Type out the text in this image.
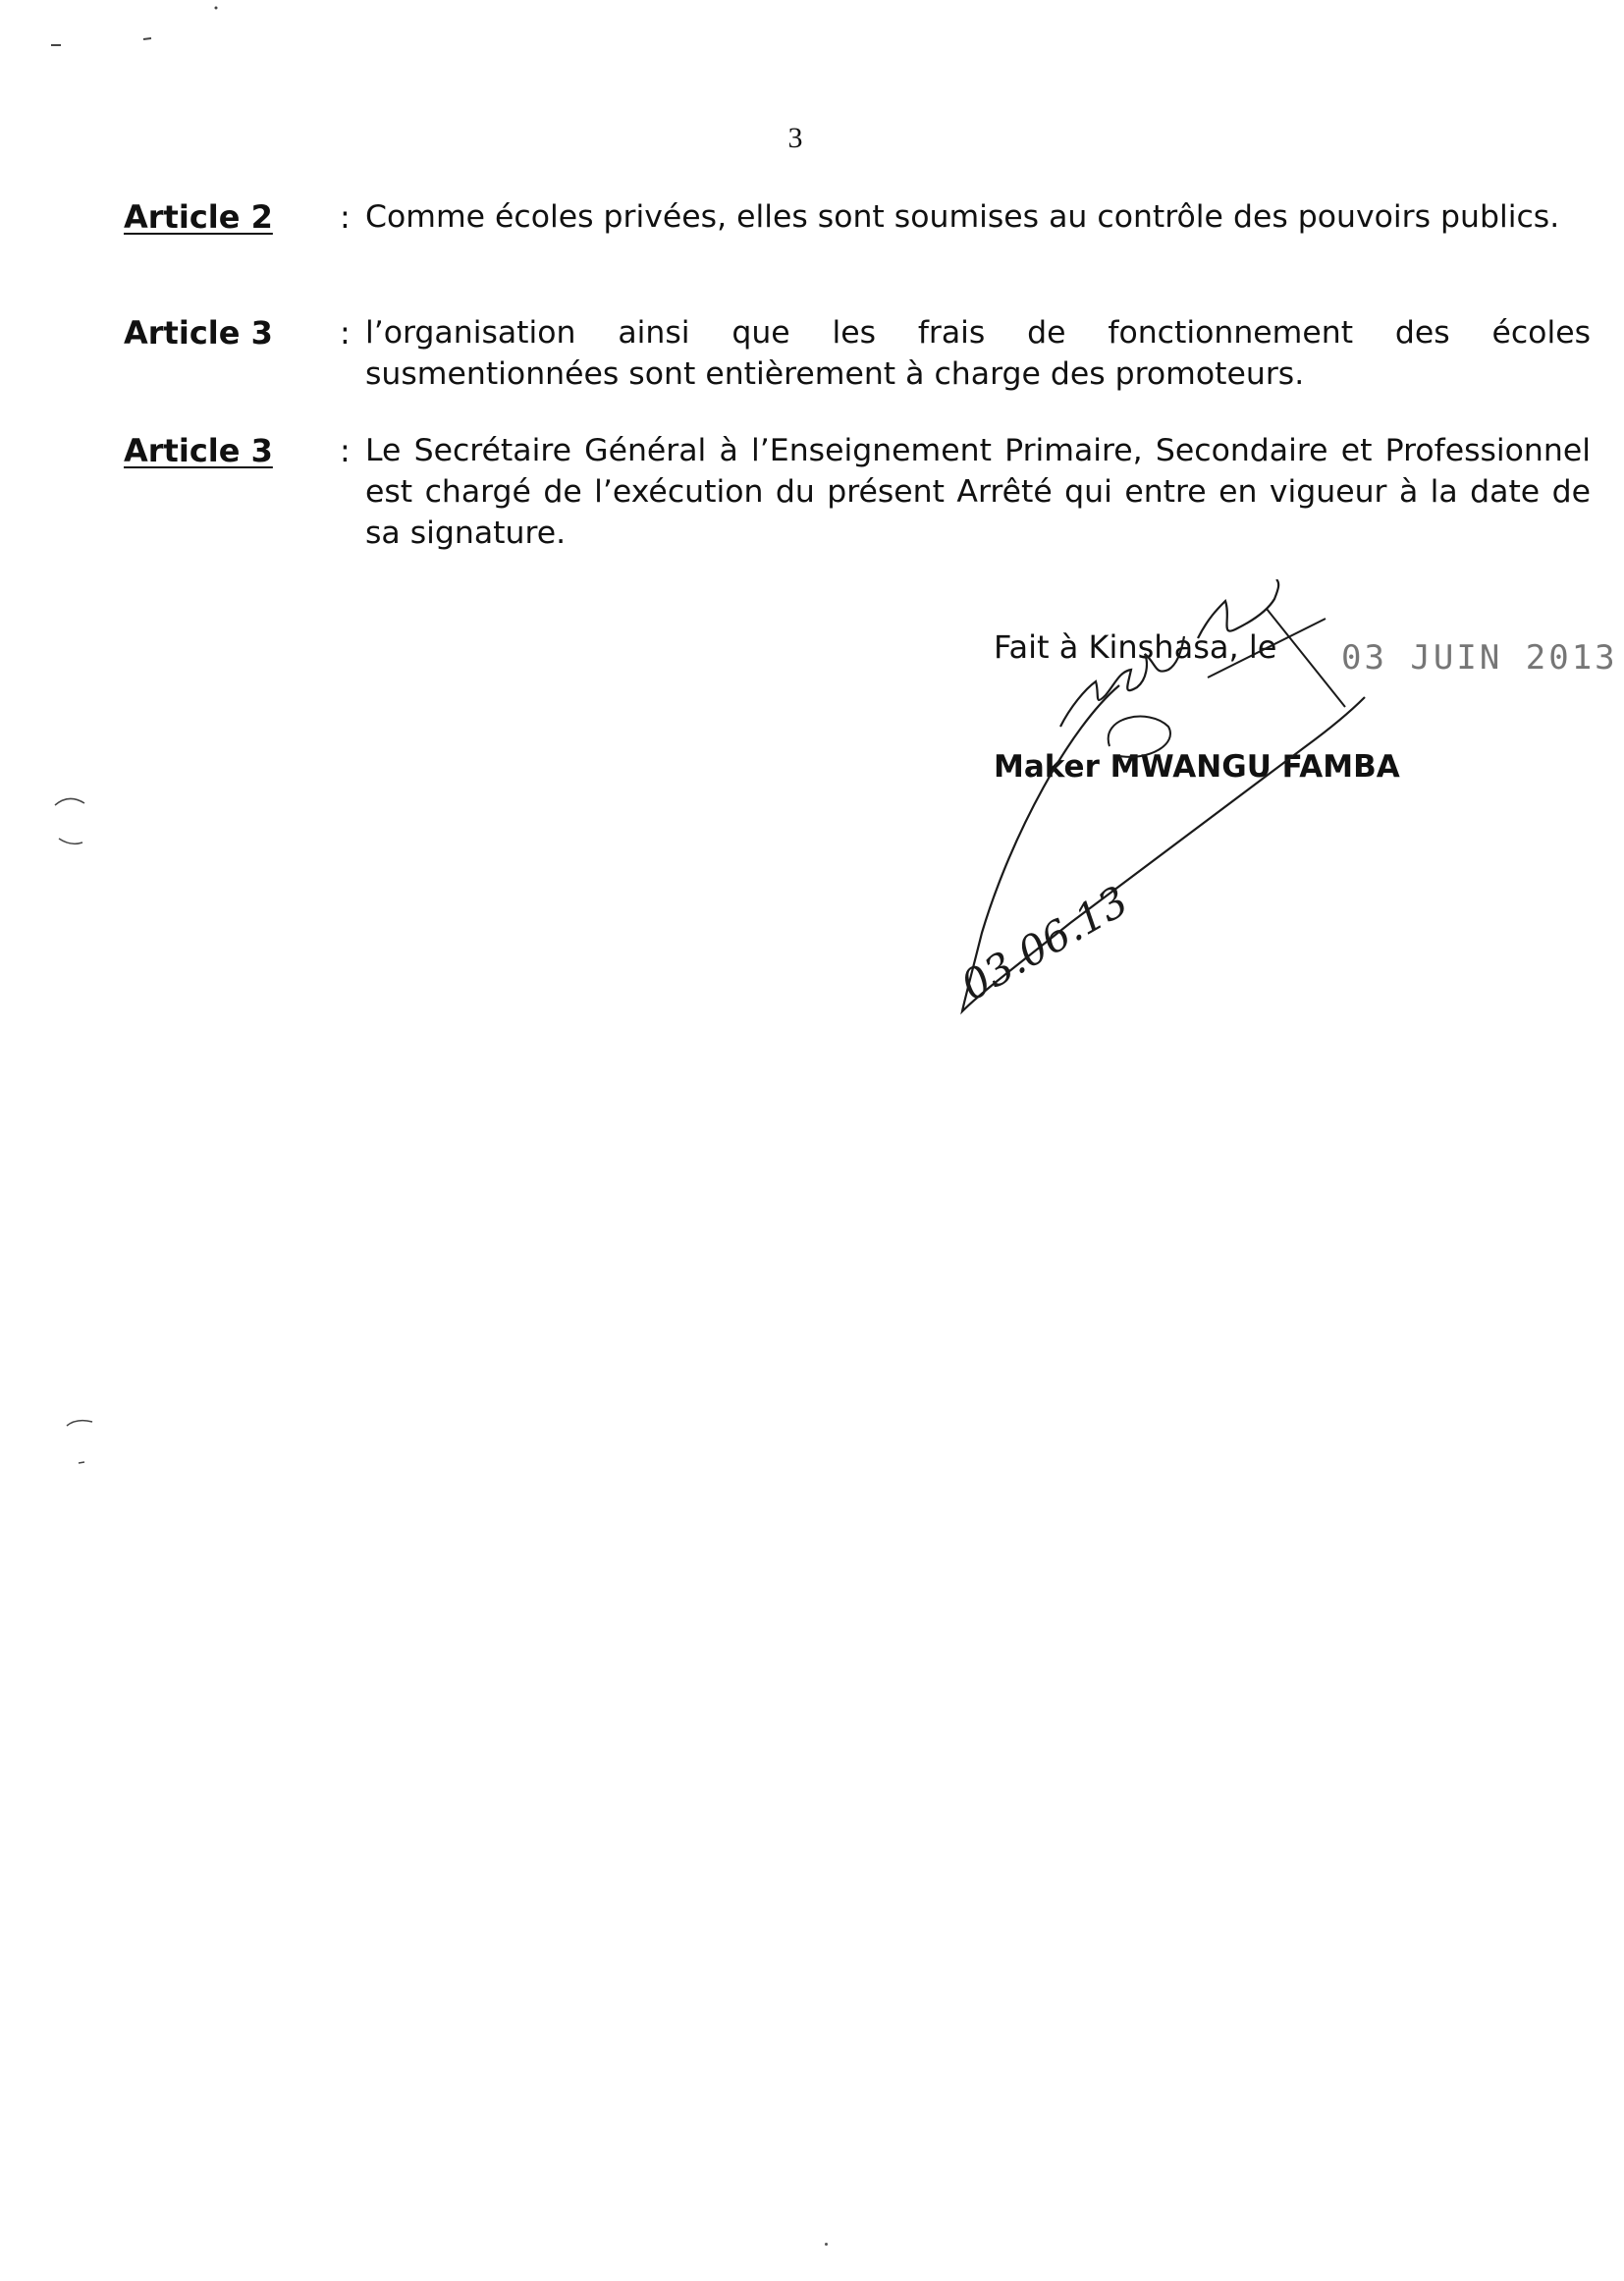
3
Article 2	: Comme écoles privées, elles sont soumises au contrôle des pouvoirs publics.
Article 3	: l’organisation ainsi que les frais de fonctionnement des écoles susmentionnées sont entièrement à charge des promoteurs.
Article 3	: Le Secrétaire Général à l’Enseignement Primaire, Secondaire et Professionnel est chargé de l’exécution du présent Arrêté qui entre en vigueur à la date de sa signature.
Fait à Kinshasa, le 03 JUIN 2013
Maker MWANGU FAMBA
03.06.13
